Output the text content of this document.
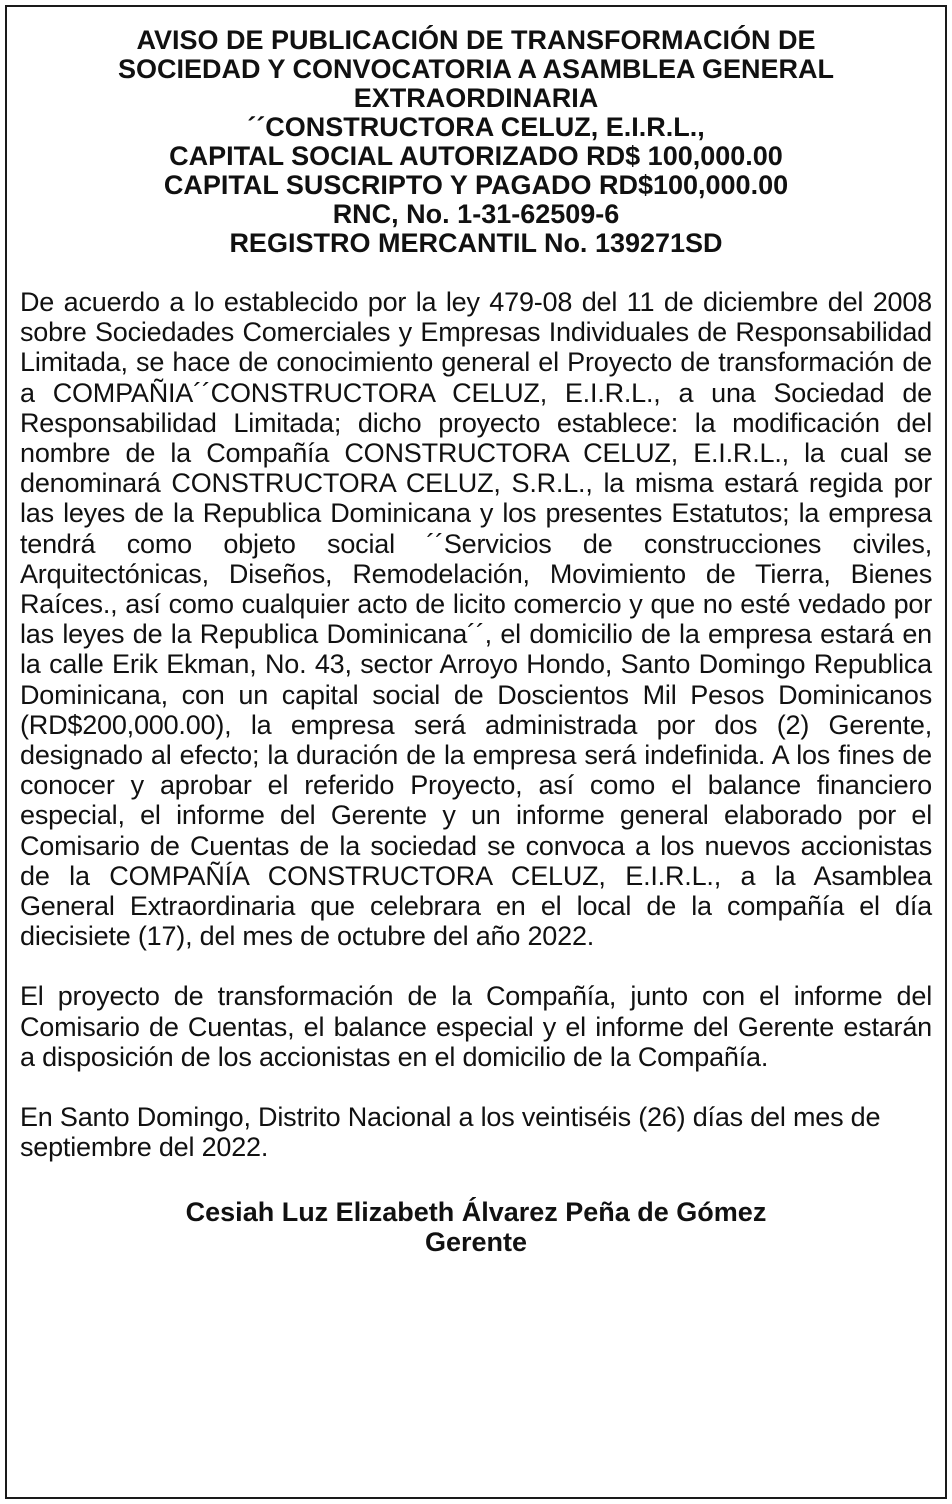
AVISO DE PUBLICACIÓN DE TRANSFORMACIÓN DE
SOCIEDAD Y CONVOCATORIA A ASAMBLEA GENERAL
EXTRAORDINARIA
´´CONSTRUCTORA CELUZ, E.I.R.L.,
CAPITAL SOCIAL AUTORIZADO RD$ 100,000.00
CAPITAL SUSCRIPTO Y PAGADO RD$100,000.00
RNC, No. 1-31-62509-6
REGISTRO MERCANTIL No. 139271SD

De acuerdo a lo establecido por la ley 479-08 del 11 de diciembre del 2008 sobre Sociedades Comerciales y Empresas Individuales de Responsabilidad Limitada, se hace de conocimiento general el Proyecto de transformación de a COMPAÑIA´´CONSTRUCTORA CELUZ, E.I.R.L., a una Sociedad de Responsabilidad Limitada; dicho proyecto establece: la modificación del nombre de la Compañía CONSTRUCTORA CELUZ, E.I.R.L., la cual se denominará CONSTRUCTORA CELUZ, S.R.L., la misma estará regida por las leyes de la Republica Dominicana y los presentes Estatutos; la empresa tendrá como objeto social ´´Servicios de construcciones civiles, Arquitectónicas, Diseños, Remodelación, Movimiento de Tierra, Bienes Raíces., así como cualquier acto de licito comercio y que no esté vedado por las leyes de la Republica Dominicana´´, el domicilio de la empresa estará en la calle Erik Ekman, No. 43, sector Arroyo Hondo, Santo Domingo Republica Dominicana, con un capital social de Doscientos Mil Pesos Dominicanos (RD$200,000.00), la empresa será administrada por dos (2) Gerente, designado al efecto; la duración de la empresa será indefinida. A los fines de conocer y aprobar el referido Proyecto, así como el balance financiero especial, el informe del Gerente y un informe general elaborado por el Comisario de Cuentas de la sociedad se convoca a los nuevos accionistas de la COMPAÑÍA CONSTRUCTORA CELUZ, E.I.R.L., a la Asamblea General Extraordinaria que celebrara en el local de la compañía el día diecisiete (17), del mes de octubre del año 2022.

El proyecto de transformación de la Compañía, junto con el informe del Comisario de Cuentas, el balance especial y el informe del Gerente estarán a disposición de los accionistas en el domicilio de la Compañía.

En Santo Domingo, Distrito Nacional a los veintiséis (26) días del mes de septiembre del 2022.

Cesiah Luz Elizabeth Álvarez Peña de Gómez
Gerente
